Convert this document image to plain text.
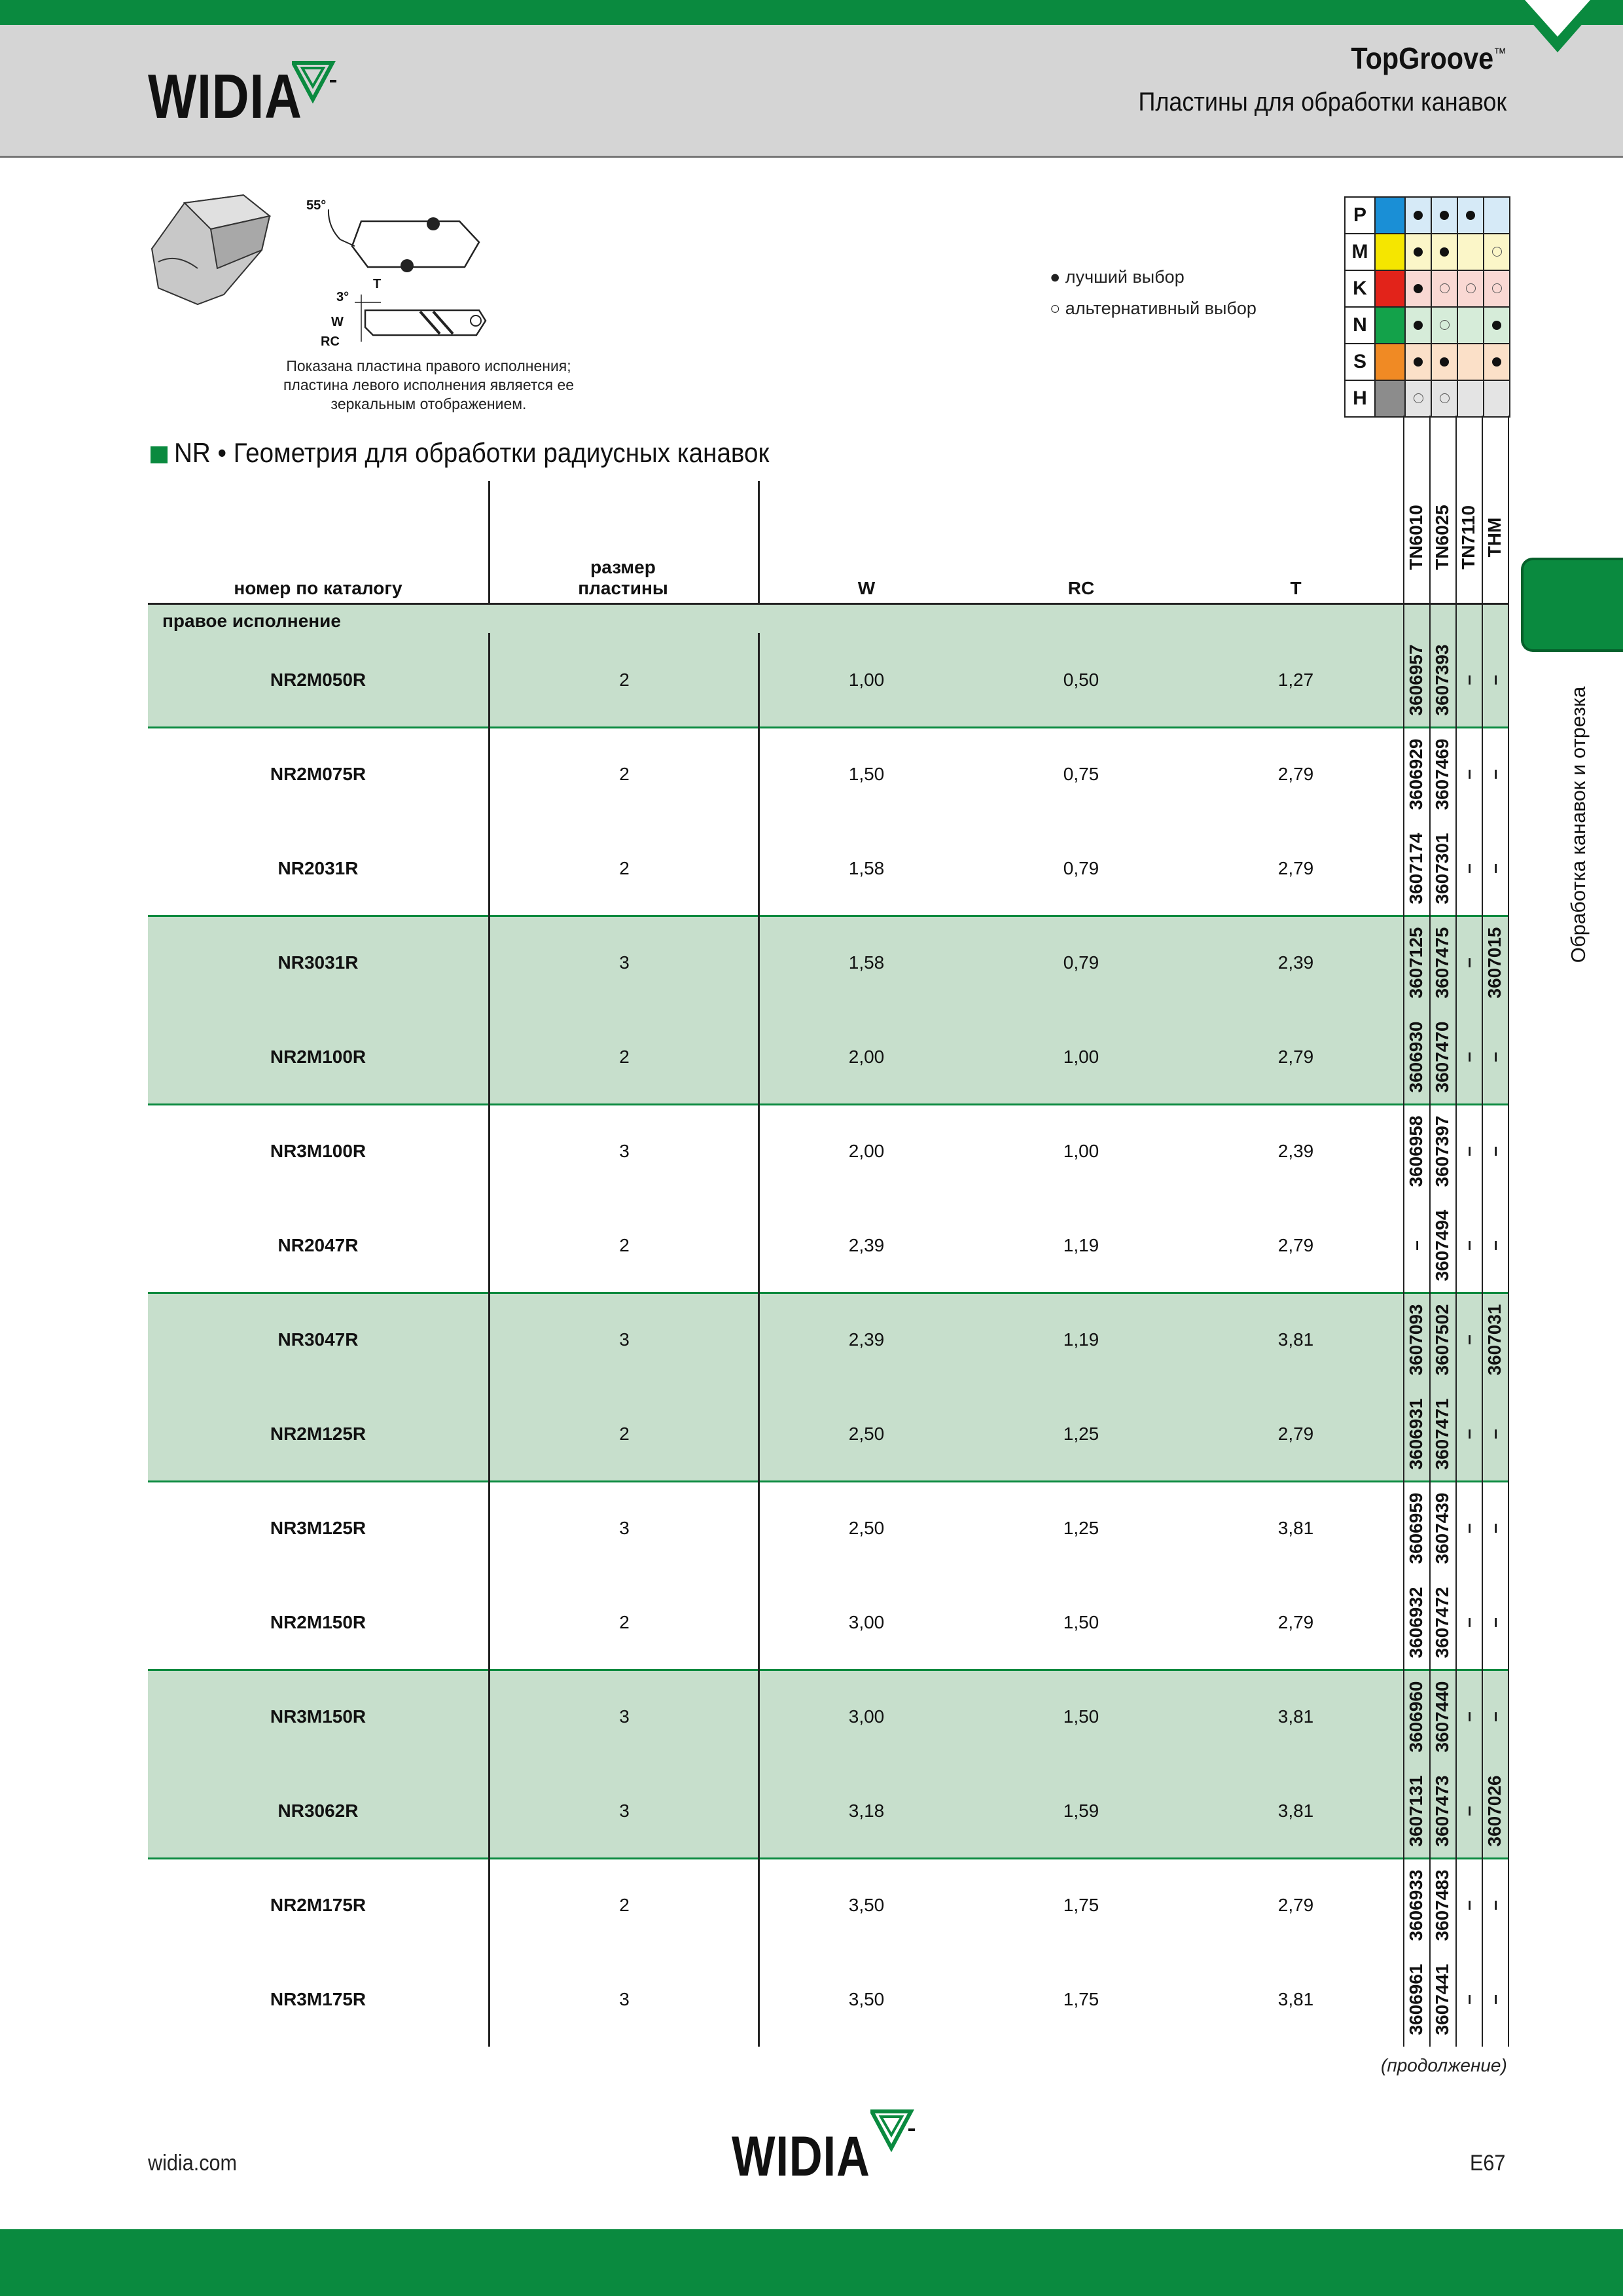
WIDIA
TopGroove™
Пластины для обработки канавок
55°
T
3°
W
RC
Показана пластина правого исполнения;
пластина левого исполнения является ее
зеркальным отображением.
● лучший выбор
○ альтернативный выбор
P					
M					
K					
N					
S					
H					
NR • Геометрия для обработки радиусных канавок
Обработка канавок и отрезка
номер по каталогу
размер
пластины	W	RC	T
TN6010 TN6025 TN7110 THM
правое исполнение
NR2M050R	2	1,00	0,50	1,27	3606957 3607393 – –
NR2M075R	2	1,50	0,75	2,79	3606929 3607469 – –
NR2031R	2	1,58	0,79	2,79	3607174 3607301 – –
NR3031R	3	1,58	0,79	2,39	3607125 3607475 – 3607015
NR2M100R	2	2,00	1,00	2,79	3606930 3607470 – –
NR3M100R	3	2,00	1,00	2,39	3606958 3607397 – –
NR2047R	2	2,39	1,19	2,79	– 3607494 – –
NR3047R	3	2,39	1,19	3,81	3607093 3607502 – 3607031
NR2M125R	2	2,50	1,25	2,79	3606931 3607471 – –
NR3M125R	3	2,50	1,25	3,81	3606959 3607439 – –
NR2M150R	2	3,00	1,50	2,79	3606932 3607472 – –
NR3M150R	3	3,00	1,50	3,81	3606960 3607440 – –
NR3062R	3	3,18	1,59	3,81	3607131 3607473 – 3607026
NR2M175R	2	3,50	1,75	2,79	3606933 3607483 – –
NR3M175R	3	3,50	1,75	3,81	3606961 3607441 – –
(продолжение)
widia.com	WIDIA	E67
